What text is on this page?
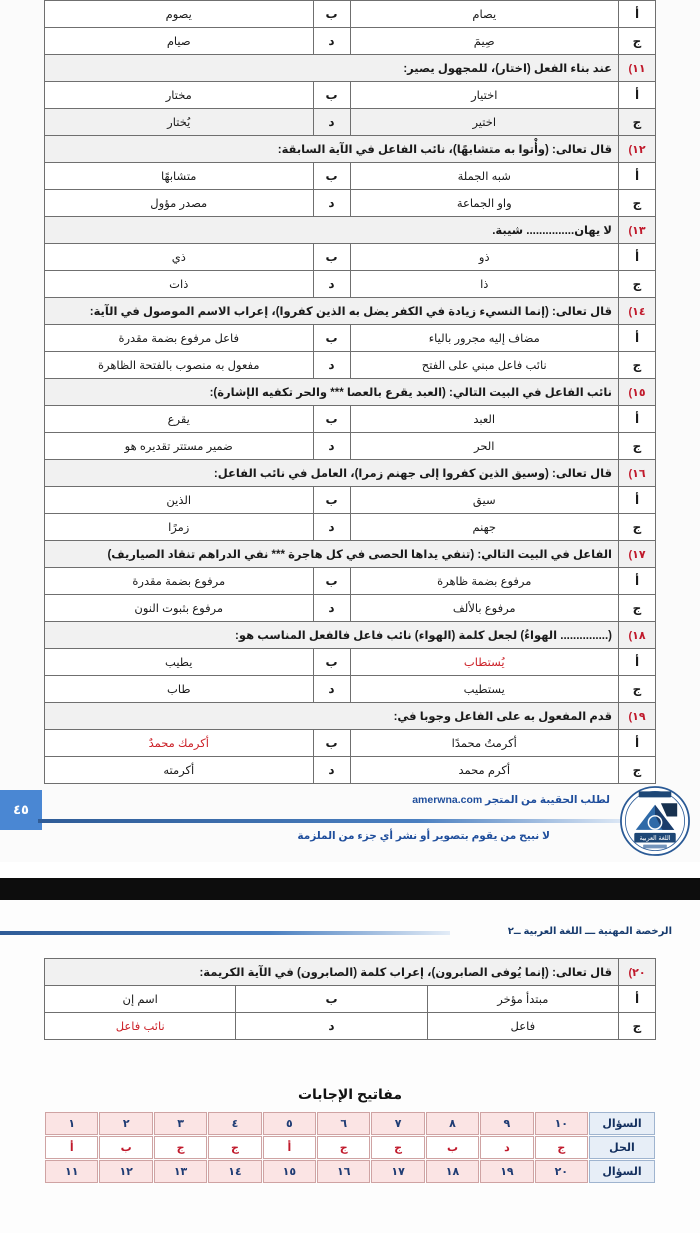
أ	يصام	ب	يصوم
ج	صِيمَ	د	صيام
١١)	عند بناء الفعل (اختار)، للمجهول يصير:		
أ	اختيار	ب	مختار
ج	اختير	د	يُختار
١٢)	قال تعالى: (وأْتوا به متشابهًا)، نائب الفاعل في الآية السابقة:		
أ	شبه الجملة	ب	متشابهًا
ج	واو الجماعة	د	مصدر مؤول
١٣)	لا يهان............... شيبة.		
أ	ذو	ب	ذي
ج	ذا	د	ذات
١٤)	قال تعالى: (إنما النسيء زيادة في الكفر يضل به الذين كفروا)، إعراب الاسم الموصول في الآية:		
أ	مضاف إليه مجرور بالياء	ب	فاعل مرفوع بضمة مقدرة
ج	نائب فاعل مبني على الفتح	د	مفعول به منصوب بالفتحة الظاهرة
١٥)	نائب الفاعل في البيت التالي: (العبد يقرع بالعصا *** والحر تكفيه الإشارة):		
أ	العبد	ب	يقرع
ج	الحر	د	ضمير مستتر تقديره هو
١٦)	قال تعالى: (وسيق الذين كفروا إلى جهنم زمرا)، العامل في نائب الفاعل:		
أ	سيق	ب	الذين
ج	جهنم	د	زمرًا
١٧)	الفاعل في البيت التالي: (تنفي يداها الحصى في كل هاجرة *** نفي الدراهم تنقاد الصياريف)		
أ	مرفوع بضمة ظاهرة	ب	مرفوع بضمة مقدرة
ج	مرفوع بالألف	د	مرفوع بثبوت النون
١٨)	(............... الهواءُ) لجعل كلمة (الهواء) نائب فاعل فالفعل المناسب هو:		
أ	يُستطاب	ب	يطيب
ج	يستطيب	د	طاب
١٩)	قدم المفعول به على الفاعل وجوبا في:		
أ	أكرمتُ محمدًا	ب	أكرمك محمدٌ
ج	أكرم محمد	د	أكرمته
٤٥
لطلب الحقيبة من المتجر amerwna.com
لا نبيح من يقوم بتصوير أو نشر أي جزء من الملزمة	اللغة العربية
الرخصة المهنية ـــ اللغة العربية ــ٢
٢٠)	قال تعالى: (إنما يُوفى الصابرون)، إعراب كلمة (الصابرون) في الآية الكريمة:		
أ	مبتدأ مؤخر	ب	اسم إن
ج	فاعل	د	نائب فاعل
مفاتيح الإجابات
السؤال	١٠	٩	٨	٧	٦	٥	٤	٣	٢	١
الحل	ج	د	ب	ج	ج	أ	ج	ج	ب	أ
السؤال	٢٠	١٩	١٨	١٧	١٦	١٥	١٤	١٣	١٢	١١
